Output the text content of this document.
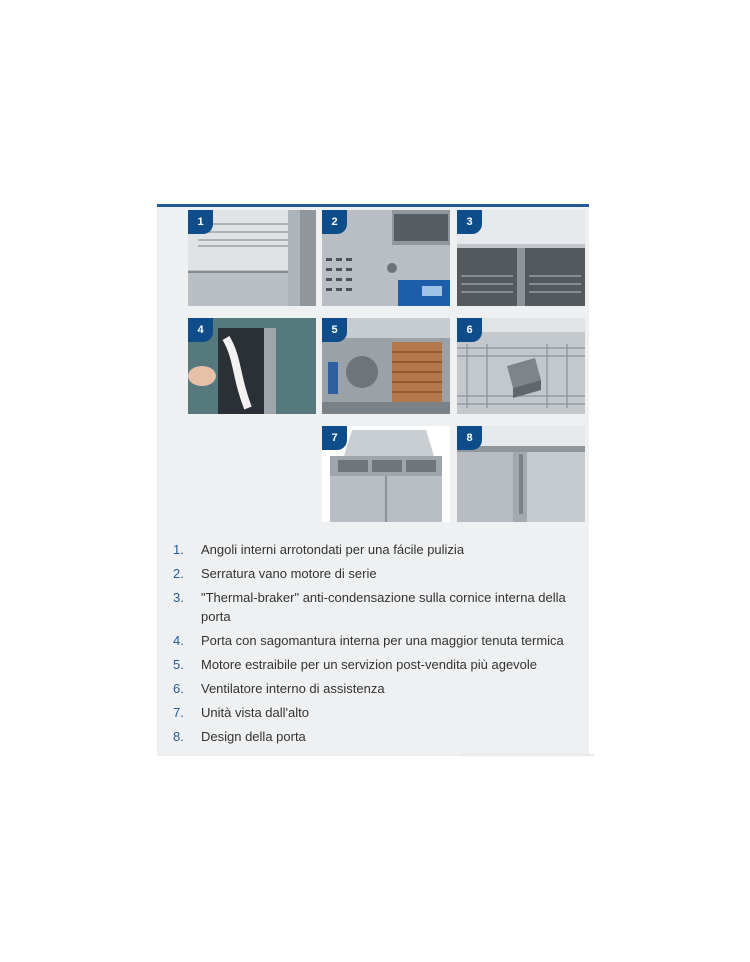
1	2	3
4	5	6
7	8
1.	Angoli interni arrotondati per una fácile pulizia
2.	Serratura vano motore di serie
3.	"Thermal-braker" anti-condensazione sulla cornice interna della porta
4.	Porta con sagomantura interna per una maggior tenuta termica
5.	Motore estraibile per un servizion post-vendita più agevole
6.	Ventilatore interno di assistenza
7.	Unità vista dall'alto
8.	Design della porta
